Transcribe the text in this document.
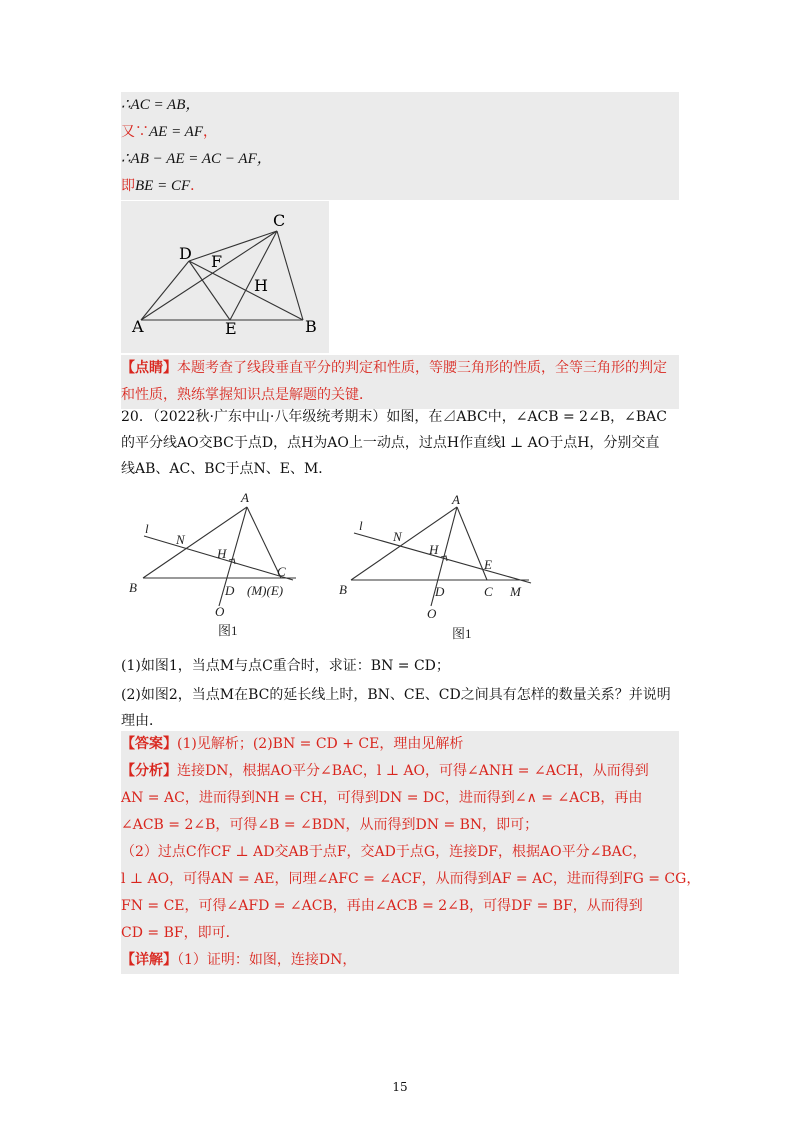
∴AC = AB，
又∵AE = AF，
∴AB − AE = AC − AF，
即BE = CF．
C
D F
H
A	E	B
【点睛】本题考查了线段垂直平分的判定和性质，等腰三角形的性质，全等三角形的判定
和性质，熟练掌握知识点是解题的关键．
20．（2022秋·广东中山·八年级统考期末）如图，在⊿ABC中，∠ACB = 2∠B，∠BAC
的平分线AO交BC于点D，点H为AO上一动点，过点H作直线l ⊥ AO于点H，分别交直
线AB、AC、BC于点N、E、M．
A
l
N
H
C
B	D (M)(E)
O
图1
A
l
N
H
E
B	D	C M
O
图1
(1)如图1，当点M与点C重合时，求证：BN = CD；
(2)如图2，当点M在BC的延长线上时，BN、CE、CD之间具有怎样的数量关系？并说明
理由．
【答案】(1)见解析；(2)BN = CD + CE，理由见解析
【分析】连接DN，根据AO平分∠BAC，l ⊥ AO，可得∠ANH = ∠ACH，从而得到
AN = AC，进而得到NH = CH，可得到DN = DC，进而得到∠∧ = ∠ACB，再由
∠ACB = 2∠B，可得∠B = ∠BDN，从而得到DN = BN，即可；
（2）过点C作CF ⊥ AD交AB于点F，交AD于点G，连接DF，根据AO平分∠BAC，
l ⊥ AO，可得AN = AE，同理∠AFC = ∠ACF，从而得到AF = AC，进而得到FG = CG，
FN = CE，可得∠AFD = ∠ACB，再由∠ACB = 2∠B，可得DF = BF，从而得到
CD = BF，即可．
【详解】（1）证明：如图，连接DN，
15
